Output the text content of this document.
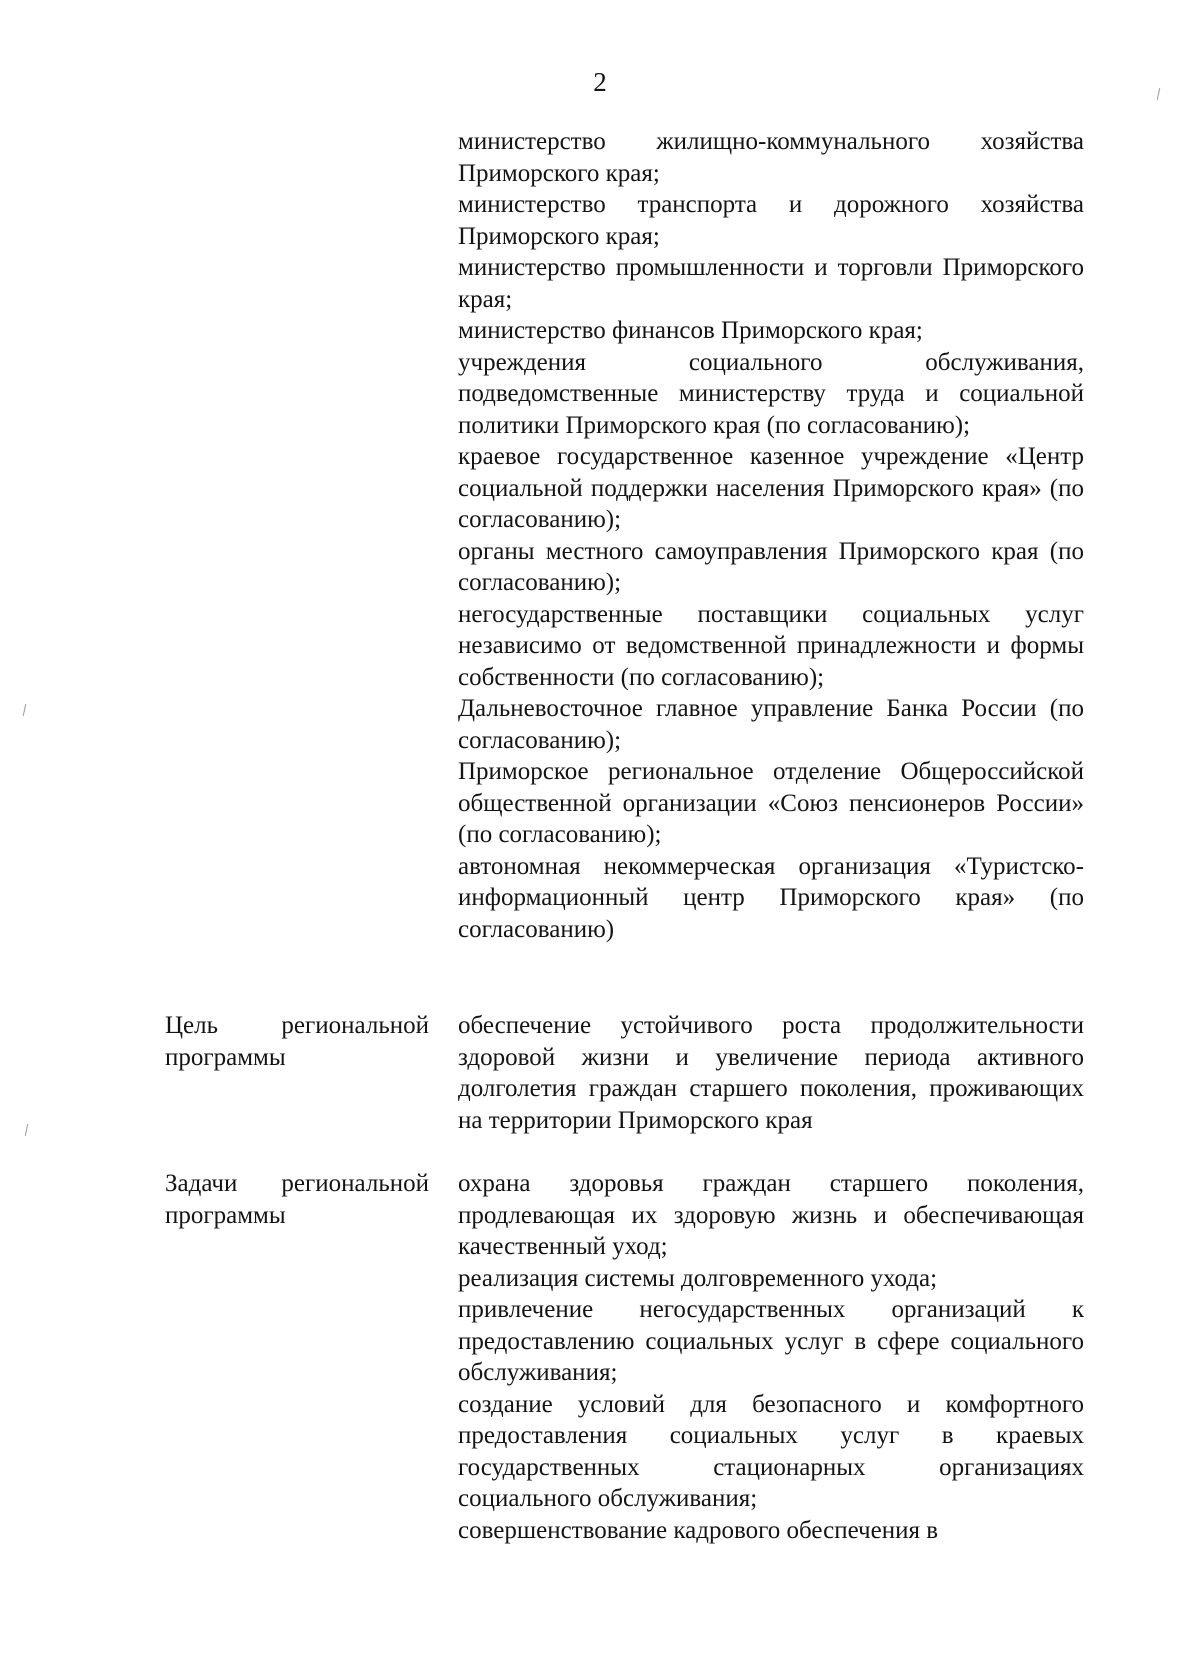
2
министерство жилищно-коммунального хозяйства Приморского края;
министерство транспорта и дорожного хозяйства Приморского края;
министерство промышленности и торговли Приморского края;
министерство финансов Приморского края;
учреждения социального обслуживания, подведомственные министерству труда и социальной политики Приморского края (по согласованию);
краевое государственное казенное учреждение «Центр социальной поддержки населения Приморского края» (по согласованию);
органы местного самоуправления Приморского края (по согласованию);
негосударственные поставщики социальных услуг независимо от ведомственной принадлежности и формы собственности (по согласованию);
Дальневосточное главное управление Банка России (по согласованию);
Приморское региональное отделение Общероссийской общественной организации «Союз пенсионеров России» (по согласованию);
автономная некоммерческая организация «Туристско-информационный центр Приморского края» (по согласованию)
Цель региональной программы
обеспечение устойчивого роста продолжительности здоровой жизни и увеличение периода активного долголетия граждан старшего поколения, проживающих на территории Приморского края
Задачи региональной программы
охрана здоровья граждан старшего поколения, продлевающая их здоровую жизнь и обеспечивающая качественный уход;
реализация системы долговременного ухода;
привлечение негосударственных организаций к предоставлению социальных услуг в сфере социального обслуживания;
создание условий для безопасного и комфортного предоставления социальных услуг в краевых государственных стационарных организациях социального обслуживания;
совершенствование кадрового обеспечения в
